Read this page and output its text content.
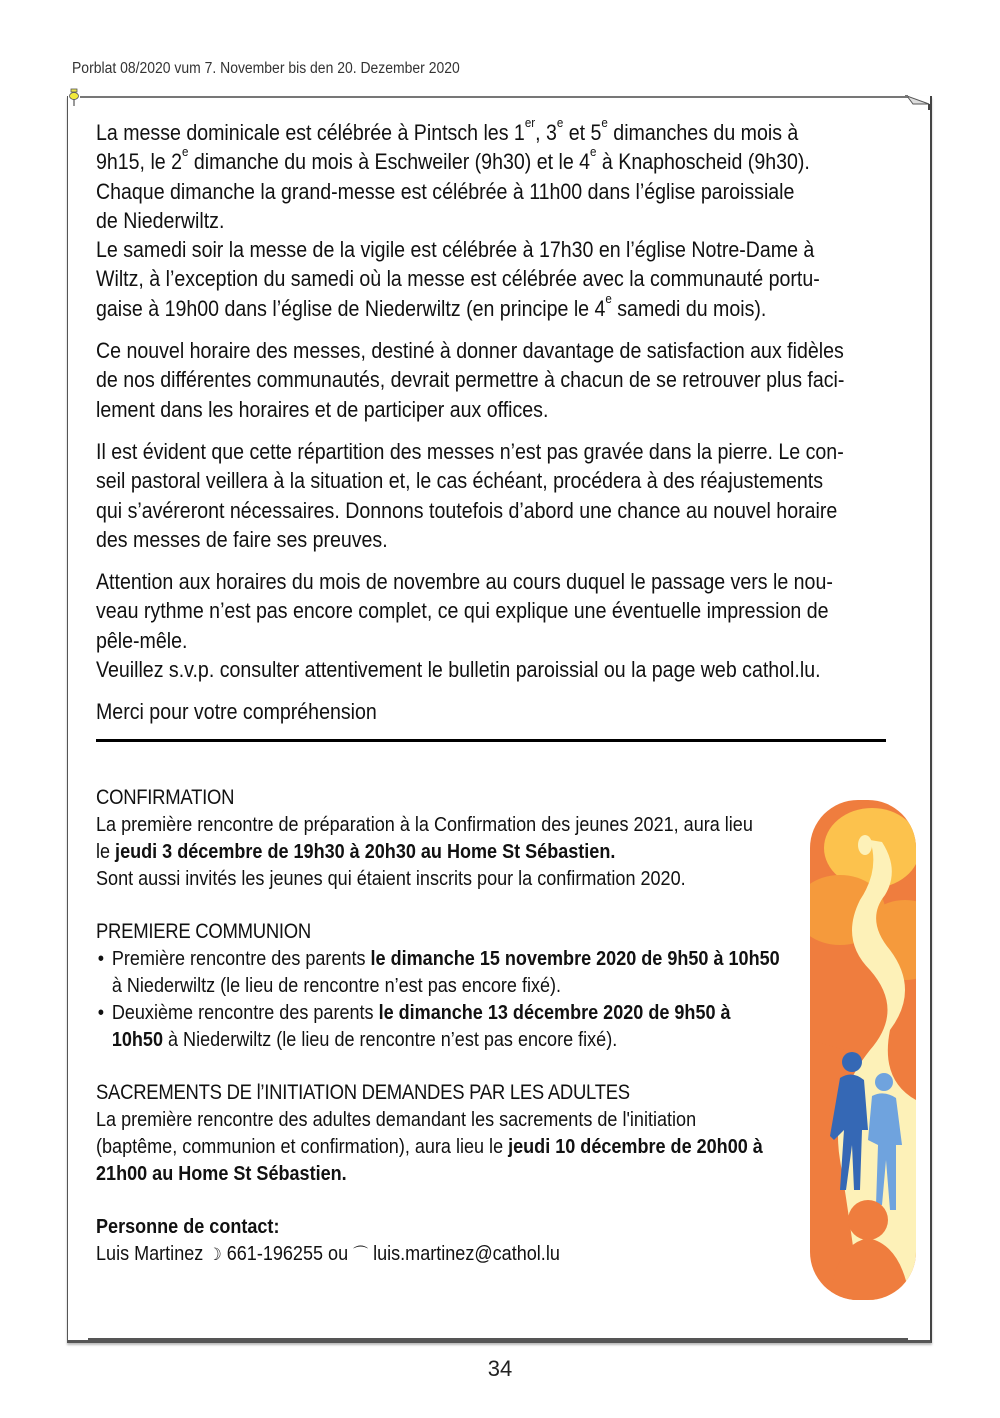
Porblat 08/2020 vum 7. November bis den 20. Dezember 2020

La messe dominicale est célébrée à Pintsch les 1er, 3e et 5e dimanches du mois à

9h15, le 2e dimanche du mois à Eschweiler (9h30) et le 4e à Knaphoscheid (9h30).

Chaque dimanche la grand-messe est célébrée à 11h00 dans l’église paroissiale

de Niederwiltz.

Le samedi soir la messe de la vigile est célébrée à 17h30 en l’église Notre-Dame à

Wiltz, à l’exception du samedi où la messe est célébrée avec la communauté portu-

gaise à 19h00 dans l’église de Niederwiltz (en principe le 4e samedi du mois).

Ce nouvel horaire des messes, destiné à donner davantage de satisfaction aux fidèles

de nos différentes communautés, devrait permettre à chacun de se retrouver plus faci-

lement dans les horaires et de participer aux offices.

Il est évident que cette répartition des messes n’est pas gravée dans la pierre. Le con-

seil pastoral veillera à la situation et, le cas échéant, procédera à des réajustements

qui s’avéreront nécessaires. Donnons toutefois d’abord une chance au nouvel horaire

des messes de faire ses preuves.

Attention aux horaires du mois de novembre au cours duquel le passage vers le nou-

veau rythme n’est pas encore complet, ce qui explique une éventuelle impression de

pêle-mêle.

Veuillez s.v.p. consulter attentivement le bulletin paroissial ou la page web cathol.lu.

Merci pour votre compréhension

CONFIRMATION

La première rencontre de préparation à la Confirmation des jeunes 2021, aura lieu

le jeudi 3 décembre de 19h30 à 20h30 au Home St Sébastien.

Sont aussi invités les jeunes qui étaient inscrits pour la confirmation 2020.

PREMIERE COMMUNION
• Première rencontre des parents le dimanche 15 novembre 2020 de 9h50 à 10h50
à Niederwiltz (le lieu de rencontre n’est pas encore fixé).
• Deuxième rencontre des parents le dimanche 13 décembre 2020 de 9h50 à
10h50 à Niederwiltz (le lieu de rencontre n’est pas encore fixé).
SACREMENTS DE l’INITIATION DEMANDES PAR LES ADULTES

La première rencontre des adultes demandant les sacrements de l'initiation

(baptême, communion et confirmation), aura lieu le jeudi 10 décembre de 20h00 à

21h00 au Home St Sébastien.

Personne de contact:

Luis Martinez ☽ 661-196255 ou ⌒ luis.martinez@cathol.lu

34
